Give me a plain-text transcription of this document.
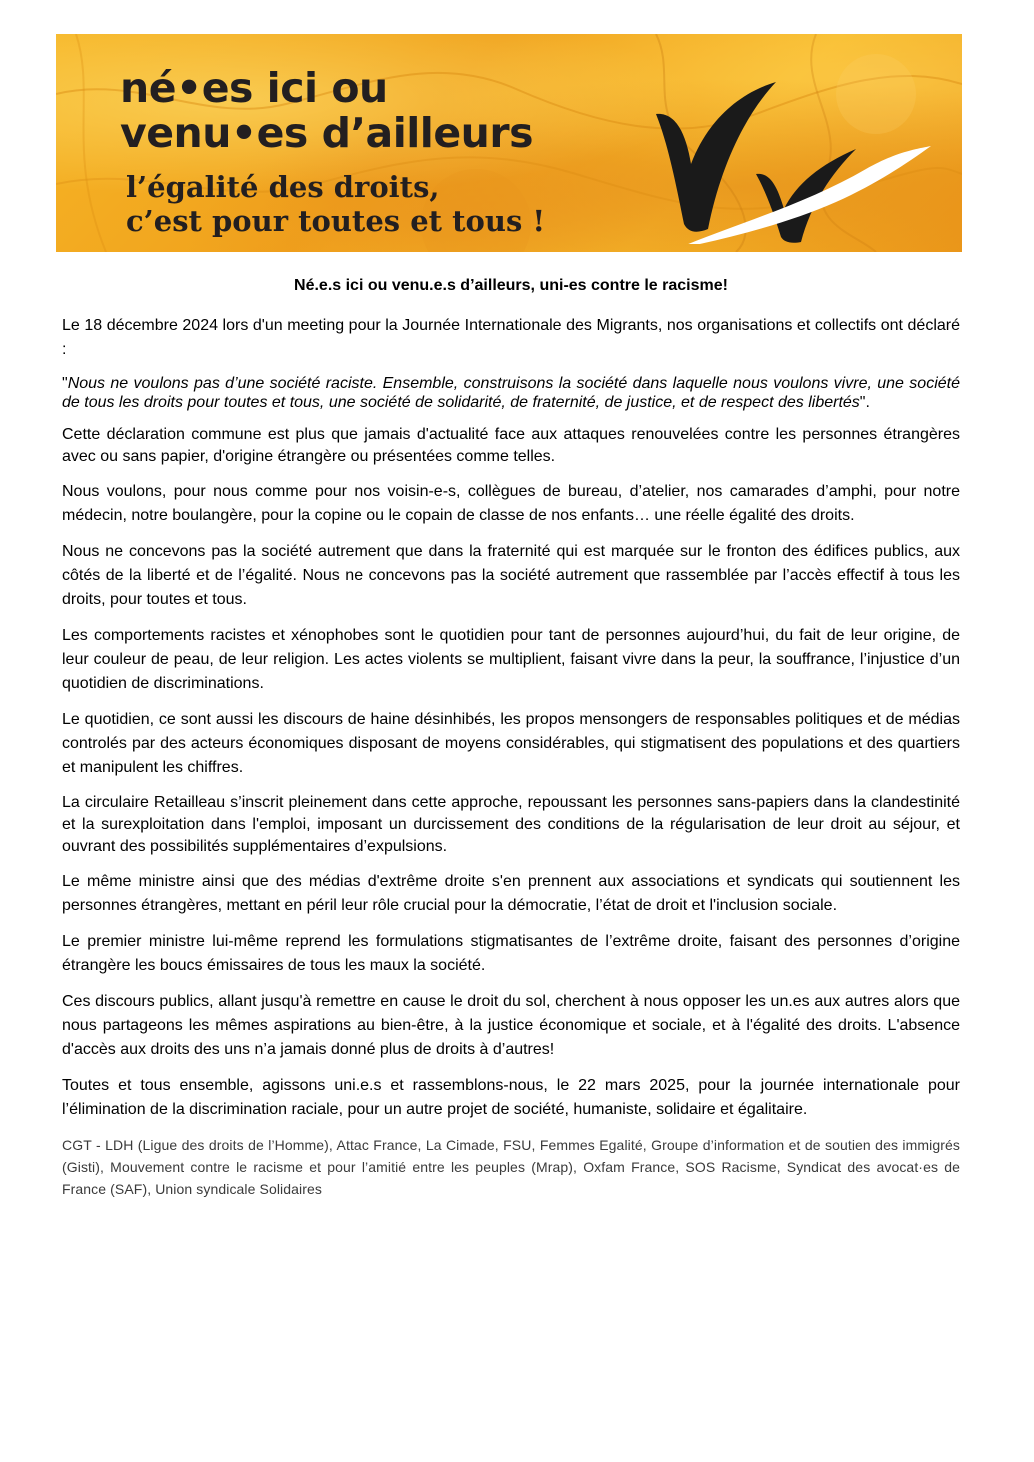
né•es ici ou
venu•es d’ailleurs
l’égalité des droits,
c’est pour toutes et tous !
Né.e.s ici ou venu.e.s d’ailleurs, uni-es contre le racisme!

Le 18 décembre 2024 lors d'un meeting pour la Journée Internationale des Migrants, nos organisations et collectifs ont déclaré :

"Nous ne voulons pas d’une société raciste. Ensemble, construisons la société dans laquelle nous voulons vivre, une société de tous les droits pour toutes et tous, une société de solidarité, de fraternité, de justice, et de respect des libertés".

Cette déclaration commune est plus que jamais d'actualité face aux attaques renouvelées contre les personnes étrangères avec ou sans papier, d'origine étrangère ou présentées comme telles.

Nous voulons, pour nous comme pour nos voisin-e-s, collègues de bureau, d’atelier, nos camarades d’amphi, pour notre médecin, notre boulangère, pour la copine ou le copain de classe de nos enfants… une réelle égalité des droits.

Nous ne concevons pas la société autrement que dans la fraternité qui est marquée sur le fronton des édifices publics, aux côtés de la liberté et de l’égalité. Nous ne concevons pas la société autrement que rassemblée par l’accès effectif à tous les droits, pour toutes et tous.

Les comportements racistes et xénophobes sont le quotidien pour tant de personnes aujourd’hui, du fait de leur origine, de leur couleur de peau, de leur religion. Les actes violents se multiplient, faisant vivre dans la peur, la souffrance, l’injustice d’un quotidien de discriminations.

Le quotidien, ce sont aussi les discours de haine désinhibés, les propos mensongers de responsables politiques et de médias controlés par des acteurs économiques disposant de moyens considérables, qui stigmatisent des populations et des quartiers et manipulent les chiffres.

La circulaire Retailleau s’inscrit pleinement dans cette approche, repoussant les personnes sans-papiers dans la clandestinité et la surexploitation dans l'emploi, imposant un durcissement des conditions de la régularisation de leur droit au séjour, et ouvrant des possibilités supplémentaires d’expulsions.

Le même ministre ainsi que des médias d'extrême droite s'en prennent aux associations et syndicats qui soutiennent les personnes étrangères, mettant en péril leur rôle crucial pour la démocratie, l’état de droit et l'inclusion sociale.

Le premier ministre lui-même reprend les formulations stigmatisantes de l’extrême droite, faisant des personnes d’origine étrangère les boucs émissaires de tous les maux la société.

Ces discours publics, allant jusqu'à remettre en cause le droit du sol, cherchent à nous opposer les un.es aux autres alors que nous partageons les mêmes aspirations au bien-être, à la justice économique et sociale, et à l'égalité des droits. L'absence d'accès aux droits des uns n’a jamais donné plus de droits à d’autres!

Toutes et tous ensemble, agissons uni.e.s et rassemblons-nous, le 22 mars 2025, pour la journée internationale pour l’élimination de la discrimination raciale, pour un autre projet de société, humaniste, solidaire et égalitaire.

CGT - LDH (Ligue des droits de l’Homme), Attac France, La Cimade, FSU, Femmes Egalité, Groupe d’information et de soutien des immigrés (Gisti), Mouvement contre le racisme et pour l’amitié entre les peuples (Mrap), Oxfam France, SOS Racisme, Syndicat des avocat·es de France (SAF), Union syndicale Solidaires
